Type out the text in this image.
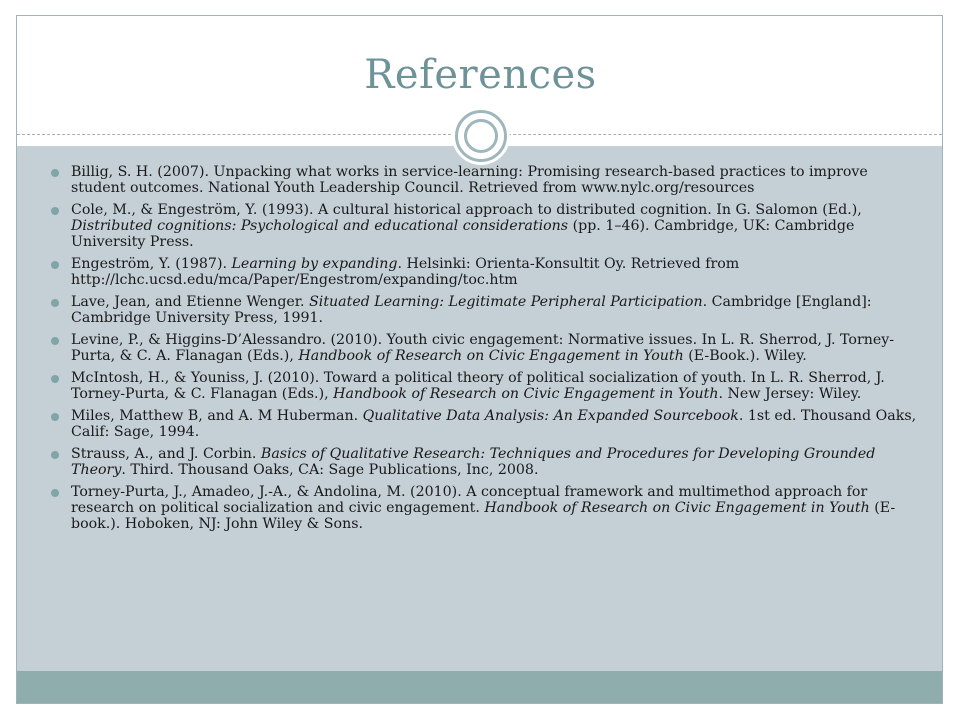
References
Billig, S. H. (2007). Unpacking what works in service-learning: Promising research-based practices to improve student outcomes. National Youth Leadership Council. Retrieved from www.nylc.org/resources
Cole, M., & Engeström, Y. (1993). A cultural historical approach to distributed cognition. In G. Salomon (Ed.), Distributed cognitions: Psychological and educational considerations (pp. 1–46). Cambridge, UK: Cambridge University Press.
Engeström, Y. (1987). Learning by expanding. Helsinki: Orienta-Konsultit Oy. Retrieved from http://lchc.ucsd.edu/mca/Paper/Engestrom/expanding/toc.htm
Lave, Jean, and Etienne Wenger. Situated Learning: Legitimate Peripheral Participation. Cambridge [England]: Cambridge University Press, 1991.
Levine, P., & Higgins-D’Alessandro. (2010). Youth civic engagement: Normative issues. In L. R. Sherrod, J. Torney-Purta, & C. A. Flanagan (Eds.), Handbook of Research on Civic Engagement in Youth (E-Book.). Wiley.
McIntosh, H., & Youniss, J. (2010). Toward a political theory of political socialization of youth. In L. R. Sherrod, J. Torney-Purta, & C. Flanagan (Eds.), Handbook of Research on Civic Engagement in Youth. New Jersey: Wiley.
Miles, Matthew B, and A. M Huberman. Qualitative Data Analysis: An Expanded Sourcebook. 1st ed. Thousand Oaks, Calif: Sage, 1994.
Strauss, A., and J. Corbin. Basics of Qualitative Research: Techniques and Procedures for Developing Grounded Theory. Third. Thousand Oaks, CA: Sage Publications, Inc, 2008.
Torney-Purta, J., Amadeo, J.-A., & Andolina, M. (2010). A conceptual framework and multimethod approach for research on political socialization and civic engagement. Handbook of Research on Civic Engagement in Youth (E-book.). Hoboken, NJ: John Wiley & Sons.
